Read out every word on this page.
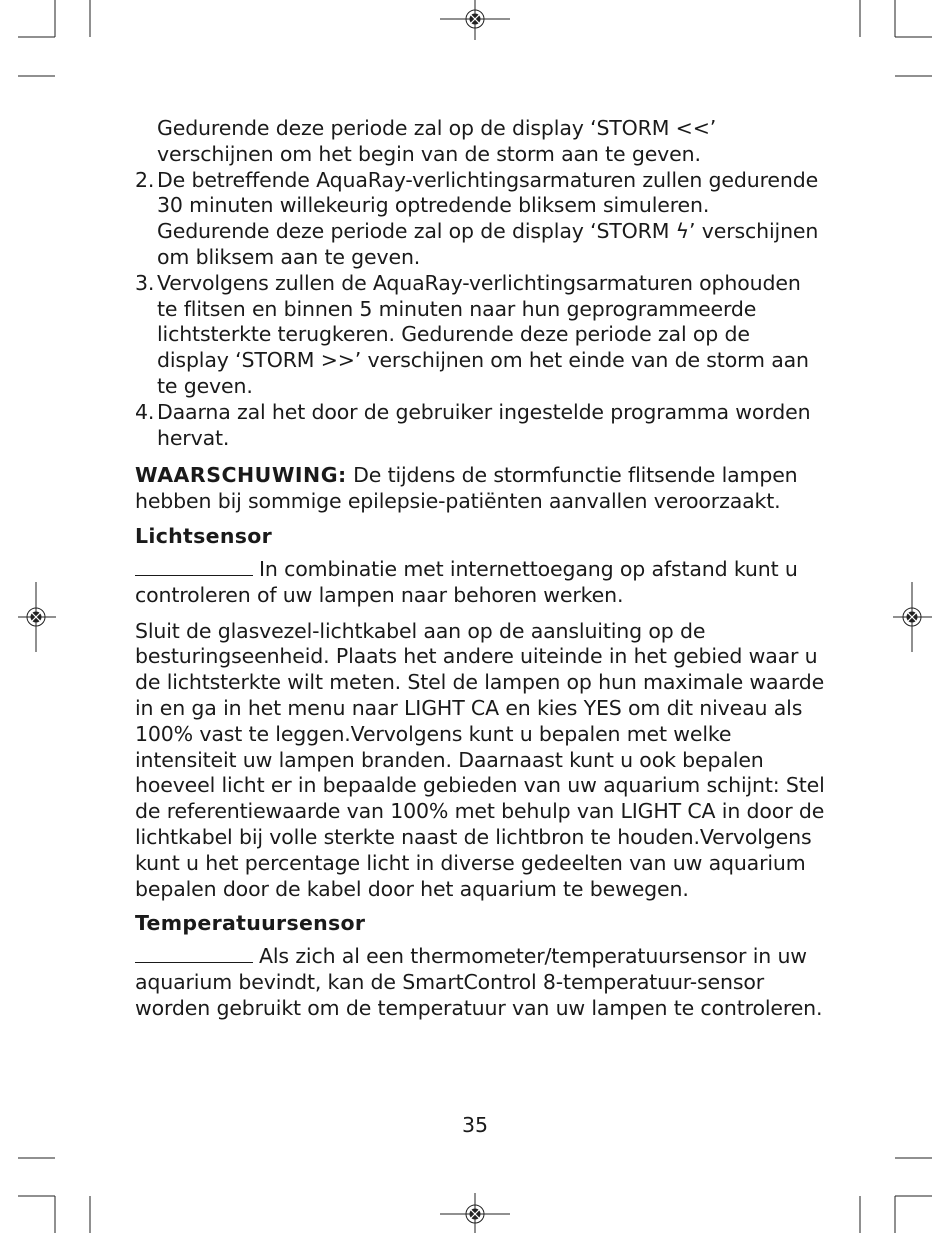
Gedurende deze periode zal op de display ‘STORM <<’ verschijnen om het begin van de storm aan te geven.

2. De betreffende AquaRay-verlichtingsarmaturen zullen gedurende 30 minuten willekeurig optredende bliksem simuleren. Gedurende deze periode zal op de display ‘STORM ϟ’ verschijnen om bliksem aan te geven.
3. Vervolgens zullen de AquaRay-verlichtingsarmaturen ophouden te flitsen en binnen 5 minuten naar hun geprogrammeerde lichtsterkte terugkeren. Gedurende deze periode zal op de display ‘STORM >>’ verschijnen om het einde van de storm aan te geven.
4. Daarna zal het door de gebruiker ingestelde programma worden hervat.

WAARSCHUWING: De tijdens de stormfunctie flitsende lampen hebben bij sommige epilepsie-patiënten aanvallen veroorzaakt.

Lichtsensor

In combinatie met internettoegang op afstand kunt u controleren of uw lampen naar behoren werken.

Sluit de glasvezel-lichtkabel aan op de aansluiting op de besturingseenheid. Plaats het andere uiteinde in het gebied waar u de lichtsterkte wilt meten. Stel de lampen op hun maximale waarde in en ga in het menu naar LIGHT CA en kies YES om dit niveau als 100% vast te leggen.Vervolgens kunt u bepalen met welke intensiteit uw lampen branden. Daarnaast kunt u ook bepalen hoeveel licht er in bepaalde gebieden van uw aquarium schijnt: Stel de referentiewaarde van 100% met behulp van LIGHT CA in door de lichtkabel bij volle sterkte naast de lichtbron te houden.Vervolgens kunt u het percentage licht in diverse gedeelten van uw aquarium bepalen door de kabel door het aquarium te bewegen.

Temperatuursensor

Als zich al een thermometer/temperatuursensor in uw aquarium bevindt, kan de SmartControl 8-temperatuur-sensor worden gebruikt om de temperatuur van uw lampen te controleren.

35
